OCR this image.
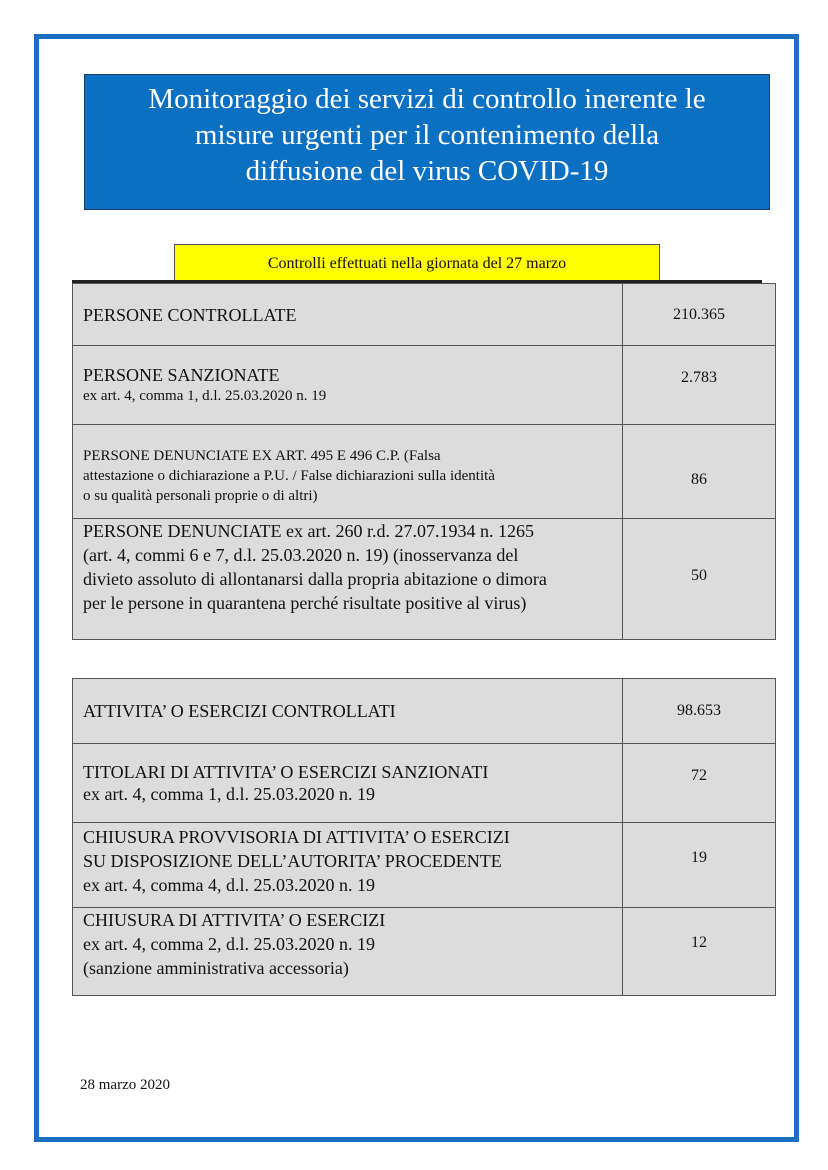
Monitoraggio dei servizi di controllo inerente le
misure urgenti per il contenimento della
diffusione del virus COVID-19
Controlli effettuati nella giornata del 27 marzo
PERSONE CONTROLLATE	210.365

PERSONE SANZIONATE
ex art. 4, comma 1, d.l. 25.03.2020 n. 19	2.783

PERSONE DENUNCIATE EX ART. 495 E 496 C.P. (Falsa
attestazione o dichiarazione a P.U. / False dichiarazioni sulla identità
o su qualità personali proprie o di altri)	86

PERSONE DENUNCIATE ex art. 260 r.d. 27.07.1934 n. 1265
(art. 4, commi 6 e 7, d.l. 25.03.2020 n. 19) (inosservanza del
divieto assoluto di allontanarsi dalla propria abitazione o dimora
per le persone in quarantena perché risultate positive al virus)	50
ATTIVITA’ O ESERCIZI CONTROLLATI	98.653

TITOLARI DI ATTIVITA’ O ESERCIZI SANZIONATI
ex art. 4, comma 1, d.l. 25.03.2020 n. 19	72

CHIUSURA PROVVISORIA DI ATTIVITA’ O ESERCIZI
SU DISPOSIZIONE DELL’AUTORITA’ PROCEDENTE
ex art. 4, comma 4, d.l. 25.03.2020 n. 19	19

CHIUSURA DI ATTIVITA’ O ESERCIZI
ex art. 4, comma 2, d.l. 25.03.2020 n. 19
(sanzione amministrativa accessoria)	12
28 marzo 2020
